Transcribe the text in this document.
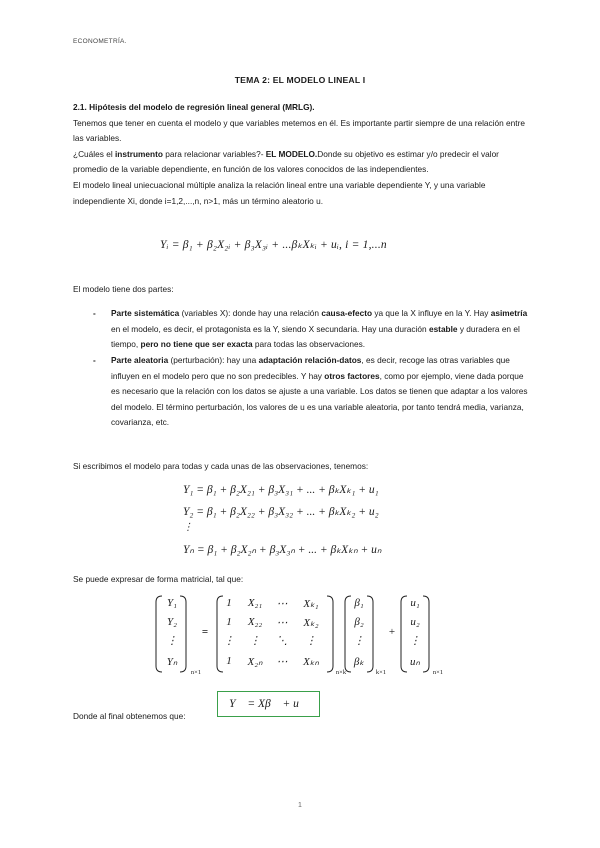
ECONOMETRÍA.
TEMA 2: EL MODELO LINEAL I

2.1. Hipótesis del modelo de regresión lineal general (MRLG).

Tenemos que tener en cuenta el modelo y que variables metemos en él. Es importante partir siempre de una relación entre las variables.

¿Cuáles el instrumento para relacionar variables?- EL MODELO.Donde su objetivo es estimar y/o predecir el valor promedio de la variable dependiente, en función de los valores conocidos de las independientes.

El modelo lineal uniecuacional múltiple analiza la relación lineal entre una variable dependiente Y, y una variable independiente Xi, donde i=1,2,...,n, n>1, más un término aleatorio u.

Yᵢ = β₁ + β₂X₂ᵢ + β₃X₃ᵢ + ...βₖXₖᵢ + uᵢ, i = 1,...n

El modelo tiene dos partes:

- Parte sistemática (variables X): donde hay una relación causa-efecto ya que la X influye en la Y. Hay asimetría en el modelo, es decir, el protagonista es la Y, siendo X secundaria. Hay una duración estable y duradera en el tiempo, pero no tiene que ser exacta para todas las observaciones.

- Parte aleatoria (perturbación): hay una adaptación relación-datos, es decir, recoge las otras variables que influyen en el modelo pero que no son predecibles. Y hay otros factores, como por ejemplo, viene dada porque es necesario que la relación con los datos se ajuste a una variable. Los datos se tienen que adaptar a los valores del modelo. El término perturbación, los valores de u es una variable aleatoria, por tanto tendrá media, varianza, covarianza, etc.

Si escribimos el modelo para todas y cada unas de las observaciones, tenemos:
Y₁ = β₁ + β₂X₂₁ + β₃X₃₁ + ... + βₖXₖ₁ + u₁
Y₂ = β₁ + β₂X₂₂ + β₃X₃₂ + ... + βₖXₖ₂ + u₂
⋮
Yₙ = β₁ + β₂X₂ₙ + β₃X₃ₙ + ... + βₖXₖₙ + uₙ
Se puede expresar de forma matricial, tal que:
Y₁
Y₂
⋮
Yₙ
n×1
=
1	X₂₁	⋯	Xₖ₁
1	X₂₂	⋯	Xₖ₂
⋮	⋮	⋱	⋮
1	X₂ₙ	⋯	Xₖₙ
n×k
β₁
β₂
⋮
βₖ
k×1
+
u₁
u₂
⋮
uₙ
n×1
Donde al final obtenemos que:
Y⃗ = Xβ⃗ + u⃗
1
